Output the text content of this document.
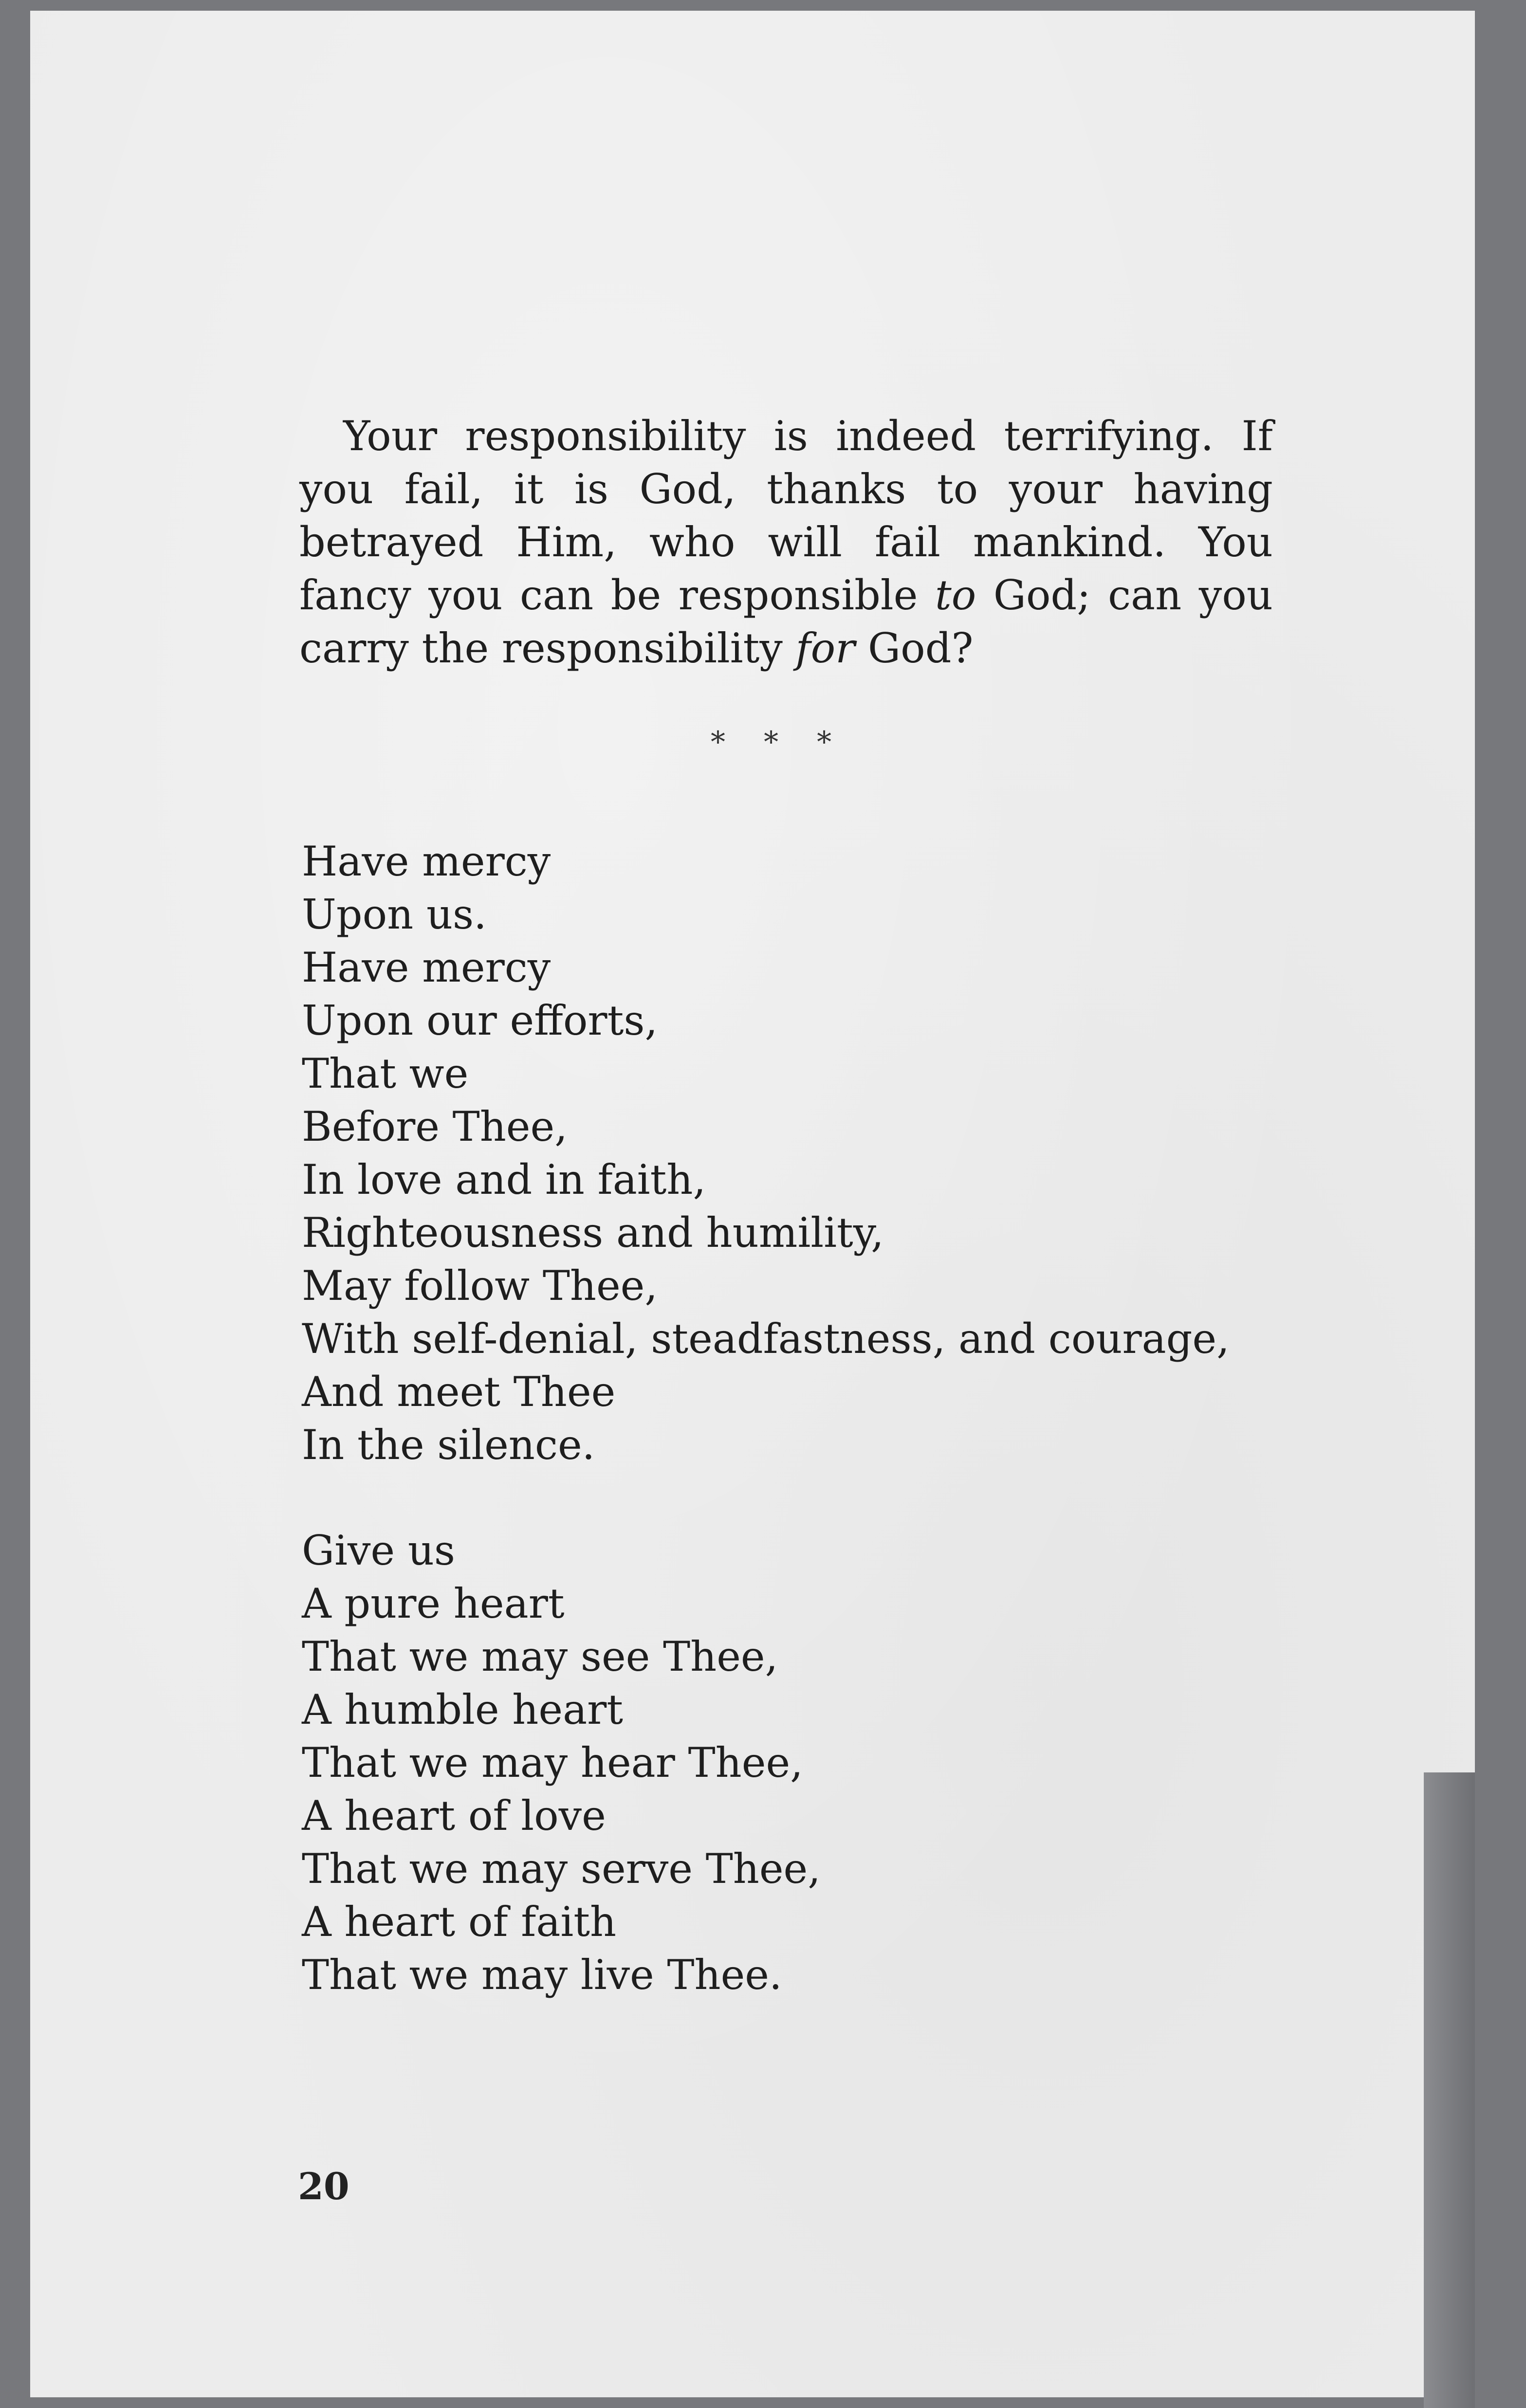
Your responsibility is indeed terrifying. If you fail, it is God, thanks to your having betrayed Him, who will fail mankind. You fancy you can be responsible to God; can you carry the responsibility for God?

* * *
Have mercy
Upon us.
Have mercy
Upon our efforts,
That we
Before Thee,
In love and in faith,
Righteousness and humility,
May follow Thee,
With self-denial, steadfastness, and courage,
And meet Thee
In the silence.
Give us
A pure heart
That we may see Thee,
A humble heart
That we may hear Thee,
A heart of love
That we may serve Thee,
A heart of faith
That we may live Thee.
20
